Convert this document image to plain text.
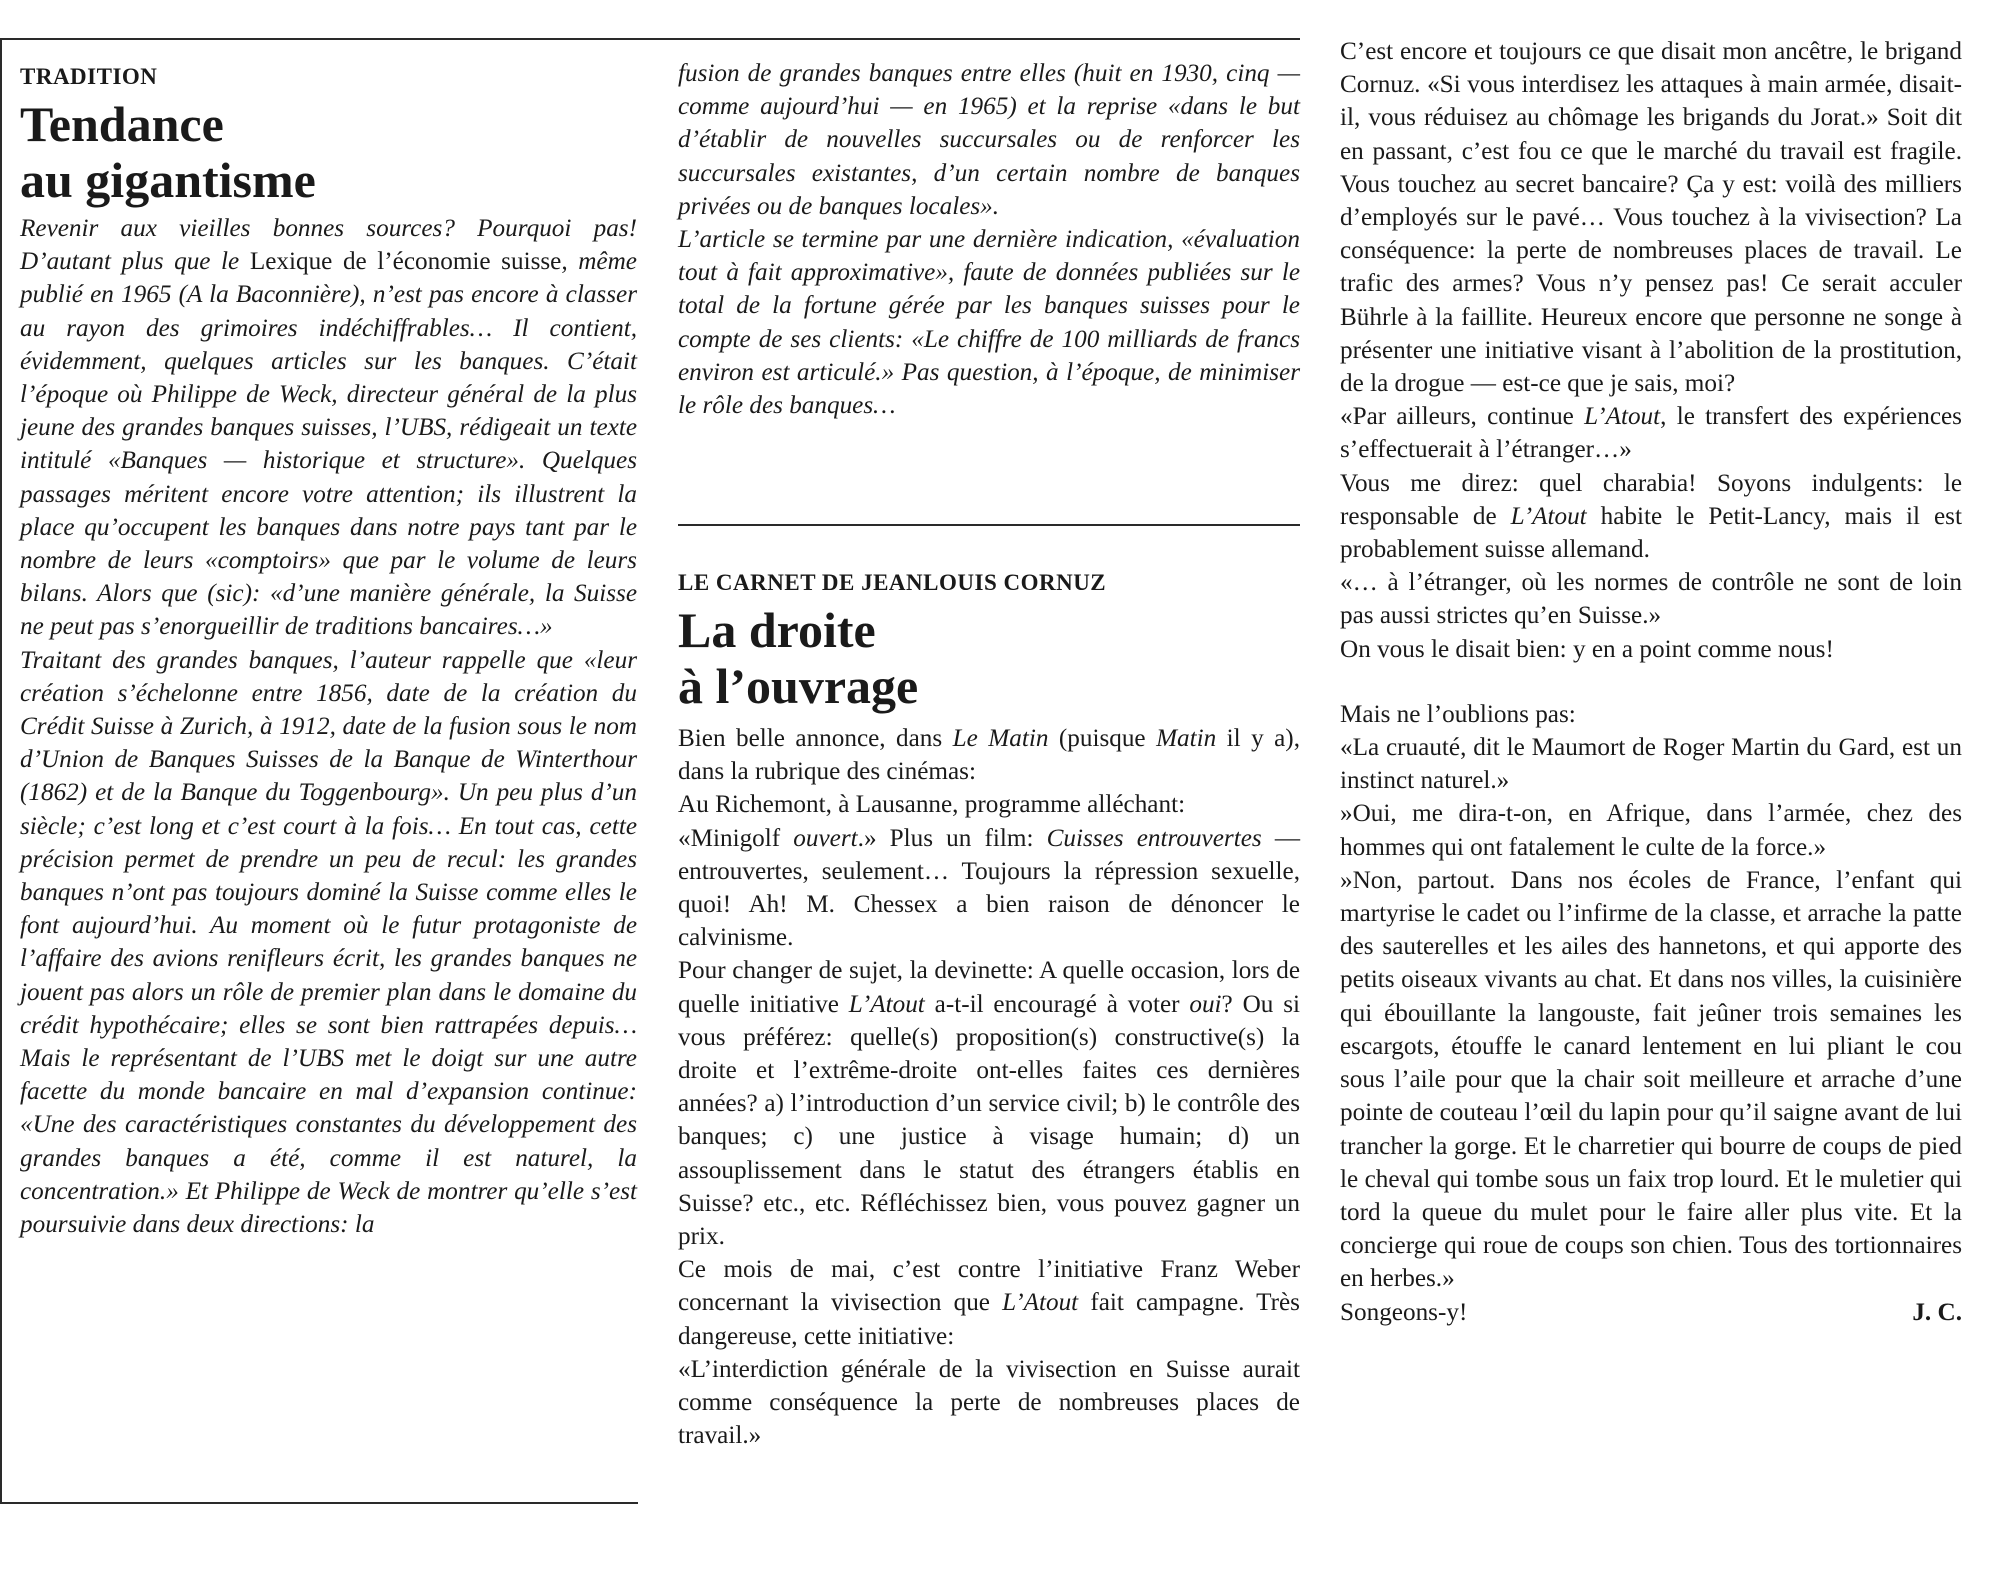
TRADITION

Tendance
au gigantisme

Revenir aux vieilles bonnes sources? Pourquoi pas! D’autant plus que le Lexique de l’économie suisse, même publié en 1965 (A la Baconnière), n’est pas encore à classer au rayon des grimoires indéchiffrables… Il contient, évidemment, quelques articles sur les banques. C’était l’époque où Philippe de Weck, directeur général de la plus jeune des grandes banques suisses, l’UBS, rédigeait un texte intitulé «Banques — historique et structure». Quelques passages méritent encore votre attention; ils illustrent la place qu’occupent les banques dans notre pays tant par le nombre de leurs «comptoirs» que par le volume de leurs bilans. Alors que (sic): «d’une manière générale, la Suisse ne peut pas s’enorgueillir de traditions bancaires…»

Traitant des grandes banques, l’auteur rappelle que «leur création s’échelonne entre 1856, date de la création du Crédit Suisse à Zurich, à 1912, date de la fusion sous le nom d’Union de Banques Suisses de la Banque de Winterthour (1862) et de la Banque du Toggenbourg». Un peu plus d’un siècle; c’est long et c’est court à la fois… En tout cas, cette précision permet de prendre un peu de recul: les grandes banques n’ont pas toujours dominé la Suisse comme elles le font aujourd’hui. Au moment où le futur protagoniste de l’affaire des avions renifleurs écrit, les grandes banques ne jouent pas alors un rôle de premier plan dans le domaine du crédit hypothécaire; elles se sont bien rattrapées depuis… Mais le représentant de l’UBS met le doigt sur une autre facette du monde bancaire en mal d’expansion continue: «Une des caractéristiques constantes du développement des grandes banques a été, comme il est naturel, la concentration.» Et Philippe de Weck de montrer qu’elle s’est poursuivie dans deux directions: la

fusion de grandes banques entre elles (huit en 1930, cinq — comme aujourd’hui — en 1965) et la reprise «dans le but d’établir de nouvelles succursales ou de renforcer les succursales existantes, d’un certain nombre de banques privées ou de banques locales».

L’article se termine par une dernière indication, «évaluation tout à fait approximative», faute de données publiées sur le total de la fortune gérée par les banques suisses pour le compte de ses clients: «Le chiffre de 100 milliards de francs environ est articulé.» Pas question, à l’époque, de minimiser le rôle des banques…

LE CARNET DE JEANLOUIS CORNUZ

La droite
à l’ouvrage

Bien belle annonce, dans Le Matin (puisque Matin il y a), dans la rubrique des cinémas:

Au Richemont, à Lausanne, programme alléchant:

«Minigolf ouvert.» Plus un film: Cuisses entrouvertes — entrouvertes, seulement… Toujours la répression sexuelle, quoi! Ah! M. Chessex a bien raison de dénoncer le calvinisme.

Pour changer de sujet, la devinette: A quelle occasion, lors de quelle initiative L’Atout a-t-il encouragé à voter oui? Ou si vous préférez: quelle(s) proposition(s) constructive(s) la droite et l’extrême-droite ont-elles faites ces dernières années? a) l’introduction d’un service civil; b) le contrôle des banques; c) une justice à visage humain; d) un assouplissement dans le statut des étrangers établis en Suisse? etc., etc. Réfléchissez bien, vous pouvez gagner un prix.

Ce mois de mai, c’est contre l’initiative Franz Weber concernant la vivisection que L’Atout fait campagne. Très dangereuse, cette initiative:

«L’interdiction générale de la vivisection en Suisse aurait comme conséquence la perte de nombreuses places de travail.»

C’est encore et toujours ce que disait mon ancêtre, le brigand Cornuz. «Si vous interdisez les attaques à main armée, disait-il, vous réduisez au chômage les brigands du Jorat.» Soit dit en passant, c’est fou ce que le marché du travail est fragile. Vous touchez au secret bancaire? Ça y est: voilà des milliers d’employés sur le pavé… Vous touchez à la vivisection? La conséquence: la perte de nombreuses places de travail. Le trafic des armes? Vous n’y pensez pas! Ce serait acculer Bührle à la faillite. Heureux encore que personne ne songe à présenter une initiative visant à l’abolition de la prostitution, de la drogue — est-ce que je sais, moi?

«Par ailleurs, continue L’Atout, le transfert des expériences s’effectuerait à l’étranger…»

Vous me direz: quel charabia! Soyons indulgents: le responsable de L’Atout habite le Petit-Lancy, mais il est probablement suisse allemand.

«… à l’étranger, où les normes de contrôle ne sont de loin pas aussi strictes qu’en Suisse.»

On vous le disait bien: y en a point comme nous!

Mais ne l’oublions pas:

«La cruauté, dit le Maumort de Roger Martin du Gard, est un instinct naturel.»

»Oui, me dira-t-on, en Afrique, dans l’armée, chez des hommes qui ont fatalement le culte de la force.»

»Non, partout. Dans nos écoles de France, l’enfant qui martyrise le cadet ou l’infirme de la classe, et arrache la patte des sauterelles et les ailes des hannetons, et qui apporte des petits oiseaux vivants au chat. Et dans nos villes, la cuisinière qui ébouillante la langouste, fait jeûner trois semaines les escargots, étouffe le canard lentement en lui pliant le cou sous l’aile pour que la chair soit meilleure et arrache d’une pointe de couteau l’œil du lapin pour qu’il saigne avant de lui trancher la gorge. Et le charretier qui bourre de coups de pied le cheval qui tombe sous un faix trop lourd. Et le muletier qui tord la queue du mulet pour le faire aller plus vite. Et la concierge qui roue de coups son chien. Tous des tortionnaires en herbes.»

Songeons-y!	J. C.
